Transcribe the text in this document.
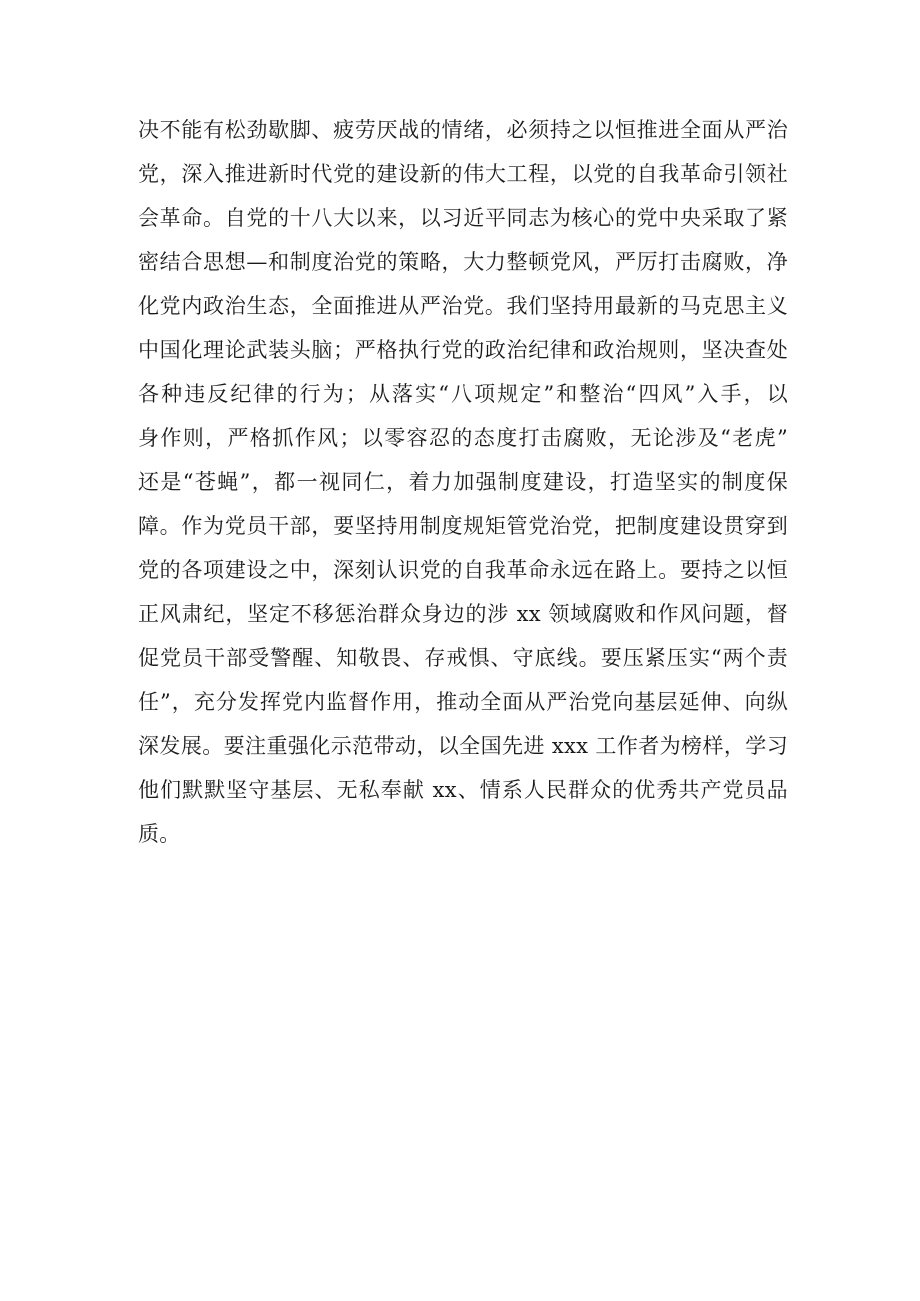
决不能有松劲歇脚、疲劳厌战的情绪，必须持之以恒推进全面从严治
党，深入推进新时代党的建设新的伟大工程，以党的自我革命引领社
会革命。自党的十八大以来，以习近平同志为核心的党中央采取了紧
密结合思想—和制度治党的策略，大力整顿党风，严厉打击腐败，净
化党内政治生态，全面推进从严治党。我们坚持用最新的马克思主义
中国化理论武装头脑；严格执行党的政治纪律和政治规则，坚决查处
各种违反纪律的行为；从落实“八项规定”和整治“四风”入手，以
身作则，严格抓作风；以零容忍的态度打击腐败，无论涉及“老虎”
还是“苍蝇”，都一视同仁，着力加强制度建设，打造坚实的制度保
障。作为党员干部，要坚持用制度规矩管党治党，把制度建设贯穿到
党的各项建设之中，深刻认识党的自我革命永远在路上。要持之以恒
正风肃纪，坚定不移惩治群众身边的涉 xx 领域腐败和作风问题，督
促党员干部受警醒、知敬畏、存戒惧、守底线。要压紧压实“两个责
任”，充分发挥党内监督作用，推动全面从严治党向基层延伸、向纵
深发展。要注重强化示范带动，以全国先进 xxx 工作者为榜样，学习
他们默默坚守基层、无私奉献 xx、情系人民群众的优秀共产党员品
质。
